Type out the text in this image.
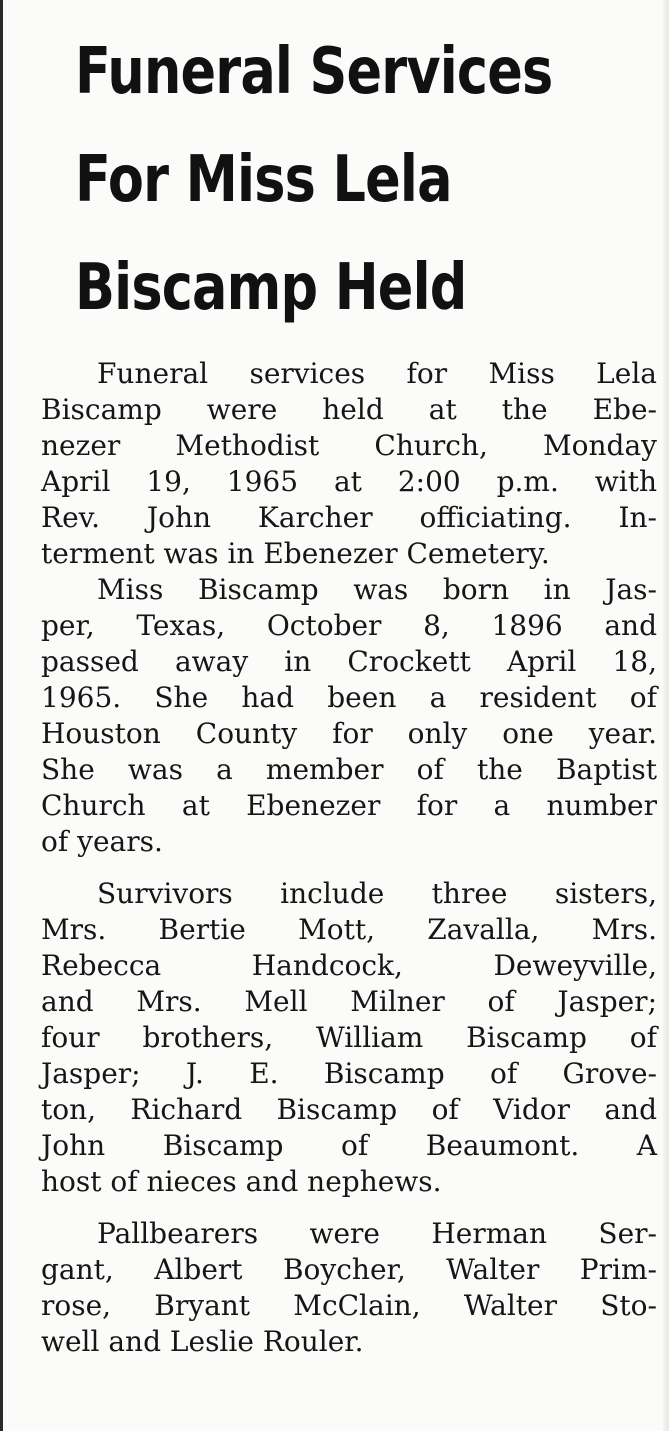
Funeral Services
For Miss Lela
Biscamp Held
Funeral services for Miss Lela
Biscamp were held at the Ebe-
nezer Methodist Church, Monday
April 19, 1965 at 2:00 p.m. with
Rev. John Karcher officiating. In-
terment was in Ebenezer Cemetery.
Miss Biscamp was born in Jas-
per, Texas, October 8, 1896 and
passed away in Crockett April 18,
1965. She had been a resident of
Houston County for only one year.
She was a member of the Baptist
Church at Ebenezer for a number
of years.
Survivors include three sisters,
Mrs. Bertie Mott, Zavalla, Mrs.
Rebecca Handcock, Deweyville,
and Mrs. Mell Milner of Jasper;
four brothers, William Biscamp of
Jasper; J. E. Biscamp of Grove-
ton, Richard Biscamp of Vidor and
John Biscamp of Beaumont. A
host of nieces and nephews.
Pallbearers were Herman Ser-
gant, Albert Boycher, Walter Prim-
rose, Bryant McClain, Walter Sto-
well and Leslie Rouler.
